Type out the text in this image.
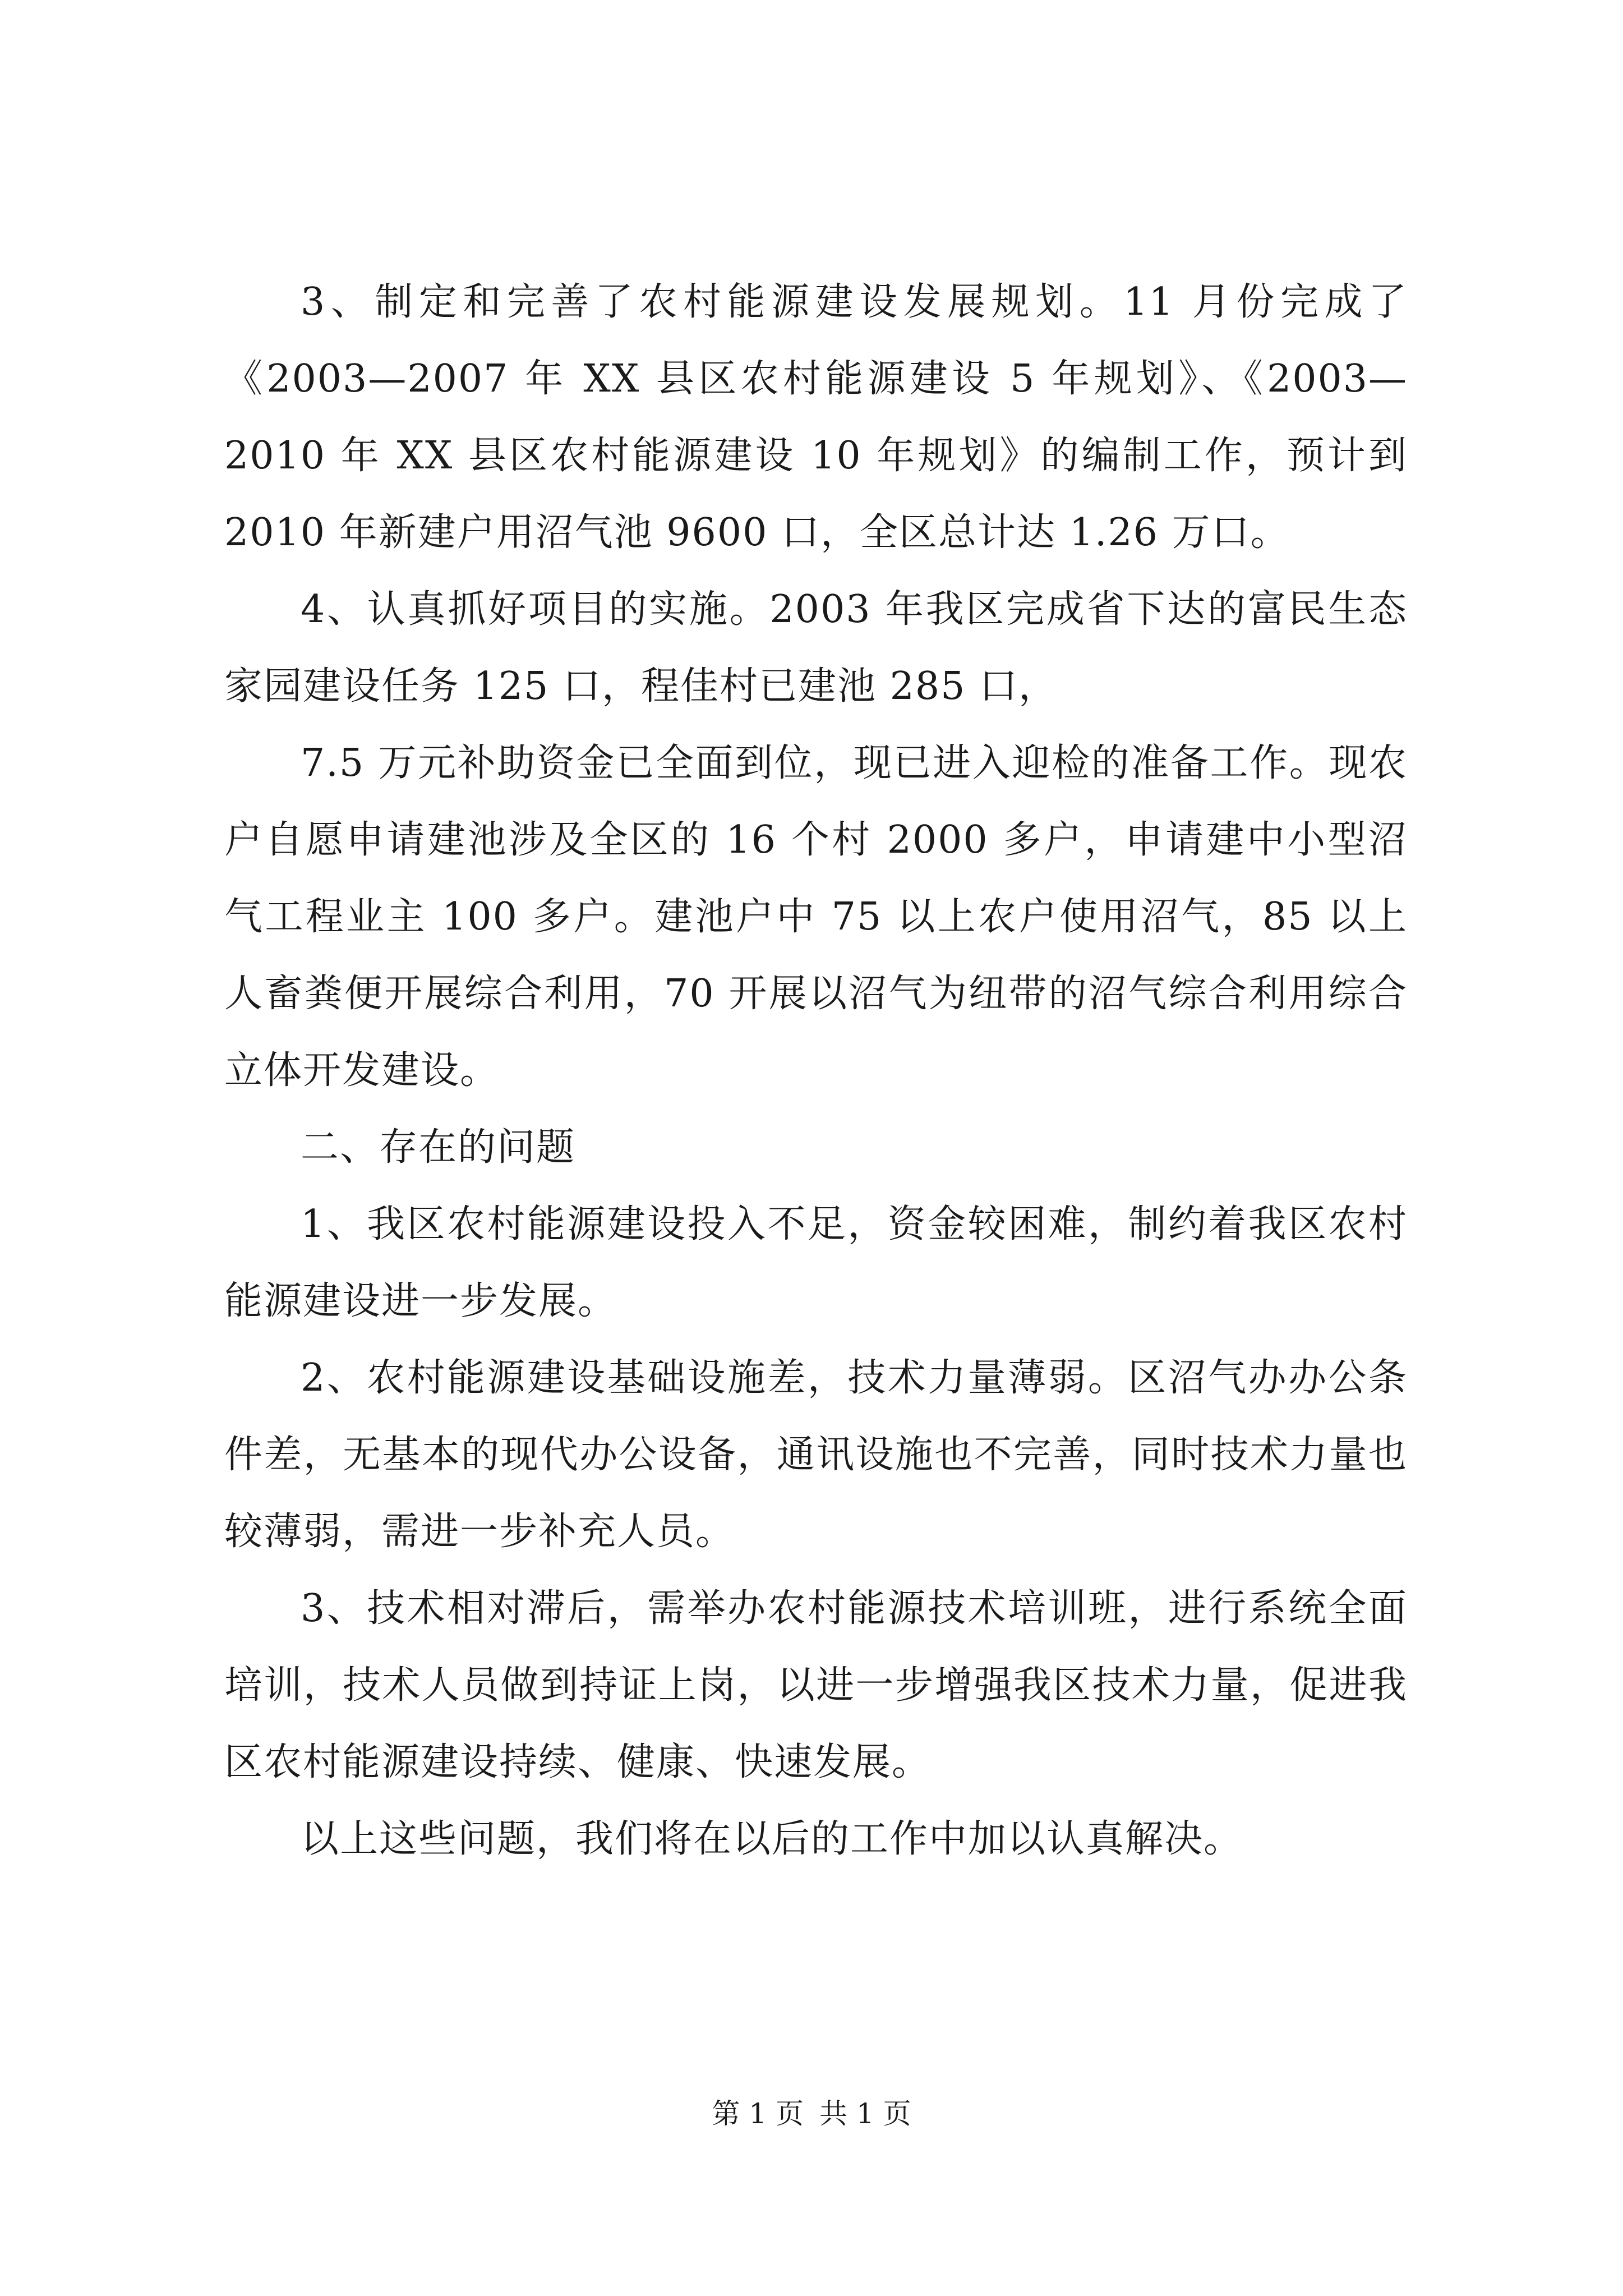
3、制定和完善了农村能源建设发展规划。11 月份完成了《2003—2007 年 XX 县区农村能源建设 5 年规划》、《2003—2010 年 XX 县区农村能源建设 10 年规划》的编制工作，预计到 2010 年新建户用沼气池 9600 口，全区总计达 1.26 万口。

4、认真抓好项目的实施。2003 年我区完成省下达的富民生态家园建设任务 125 口，程佳村已建池 285 口，

7.5 万元补助资金已全面到位，现已进入迎检的准备工作。现农户自愿申请建池涉及全区的 16 个村 2000 多户，申请建中小型沼气工程业主 100 多户。建池户中 75 以上农户使用沼气，85 以上人畜粪便开展综合利用，70 开展以沼气为纽带的沼气综合利用综合立体开发建设。

二、存在的问题

1、我区农村能源建设投入不足，资金较困难，制约着我区农村能源建设进一步发展。

2、农村能源建设基础设施差，技术力量薄弱。区沼气办办公条件差，无基本的现代办公设备，通讯设施也不完善，同时技术力量也较薄弱，需进一步补充人员。

3、技术相对滞后，需举办农村能源技术培训班，进行系统全面培训，技术人员做到持证上岗，以进一步增强我区技术力量，促进我区农村能源建设持续、健康、快速发展。

以上这些问题，我们将在以后的工作中加以认真解决。

第 1 页 共 1 页
